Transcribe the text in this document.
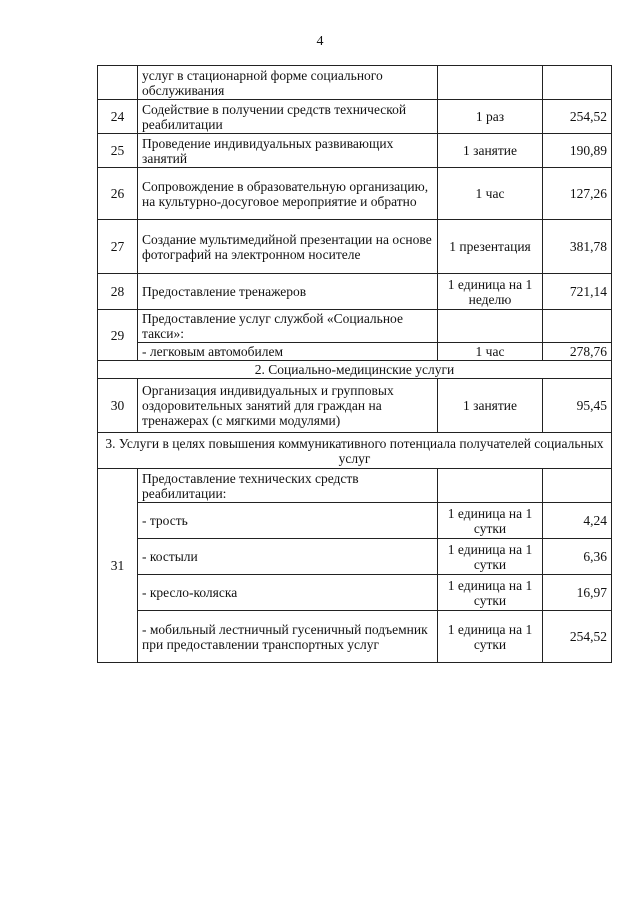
4
	услуг в стационарной форме социального обслуживания		
24	Содействие в получении средств технической реабилитации	1 раз	254,52
25	Проведение индивидуальных развивающих занятий	1 занятие	190,89
26	Сопровождение в образовательную организацию, на культурно-досуговое мероприятие и обратно	1 час	127,26
27	Создание мультимедийной презентации на основе фотографий на электронном носителе	1 презентация	381,78
28	Предоставление тренажеров	1 единица на 1 неделю	721,14
29	Предоставление услуг службой «Социальное такси»:		
	- легковым автомобилем	1 час	278,76
2. Социально-медицинские услуги			
30	Организация индивидуальных и групповых оздоровительных занятий для граждан на тренажерах (с мягкими модулями)	1 занятие	95,45
3. Услуги в целях повышения коммуникативного потенциала получателей социальных услуг			
31	Предоставление технических средств реабилитации:		
	- трость	1 единица на 1 сутки	4,24
	- костыли	1 единица на 1 сутки	6,36
	- кресло-коляска	1 единица на 1 сутки	16,97
	- мобильный лестничный гусеничный подъемник при предоставлении транспортных услуг	1 единица на 1 сутки	254,52
